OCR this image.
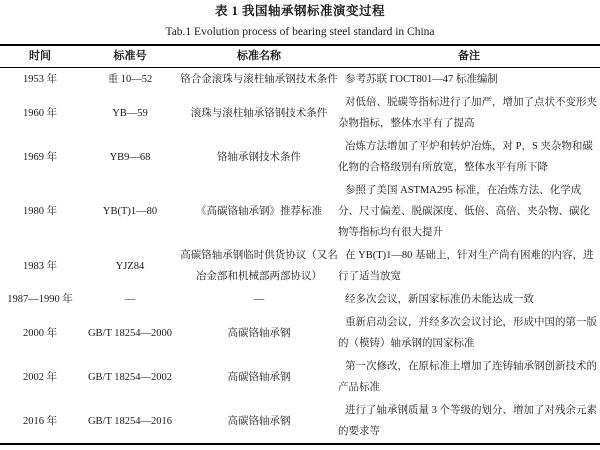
表 1 我国轴承钢标准演变过程
Tab.1 Evolution process of bearing steel standard in China
时间	标准号	标准名称	备注
1953 年	重 10—52	铬合金滚珠与滚柱轴承钢技术条件	参考苏联 ГОСТ801—47 标准编制
1960 年	YB—59	滚珠与滚柱轴承铬钢技术条件	对低倍、脱碳等指标进行了加严，增加了点状不变形夹杂物指标，整体水平有了提高
1969 年	YB9—68	铬轴承钢技术条件	冶炼方法增加了平炉和转炉冶炼，对 P，S 夹杂物和碳化物的合格级别有所放宽，整体水平有所下降
1980 年	YB(T)1—80	《高碳铬轴承钢》推荐标准	参照了美国 ASTMA295 标准，在冶炼方法、化学成分、尺寸偏差、脱碳深度、低倍、高倍、夹杂物、碳化物等指标均有很大提升
1983 年	YJZ84	高碳铬轴承钢临时供货协议（又名冶金部和机械部两部协议）	在 YB(T)1—80 基础上，针对生产尚有困难的内容，进行了适当放宽
1987—1990 年	—	—	经多次会议，新国家标准仍未能达成一致
2000 年	GB/T 18254—2000	高碳铬轴承钢	重新启动会议，并经多次会议讨论，形成中国的第一版的（模铸）轴承钢的国家标准
2002 年	GB/T 18254—2002	高碳铬轴承钢	第一次修改，在原标准上增加了连铸轴承钢创新技术的产品标准
2016 年	GB/T 18254—2016	高碳铬轴承钢	进行了轴承钢质量 3 个等级的划分、增加了对残余元素的要求等
